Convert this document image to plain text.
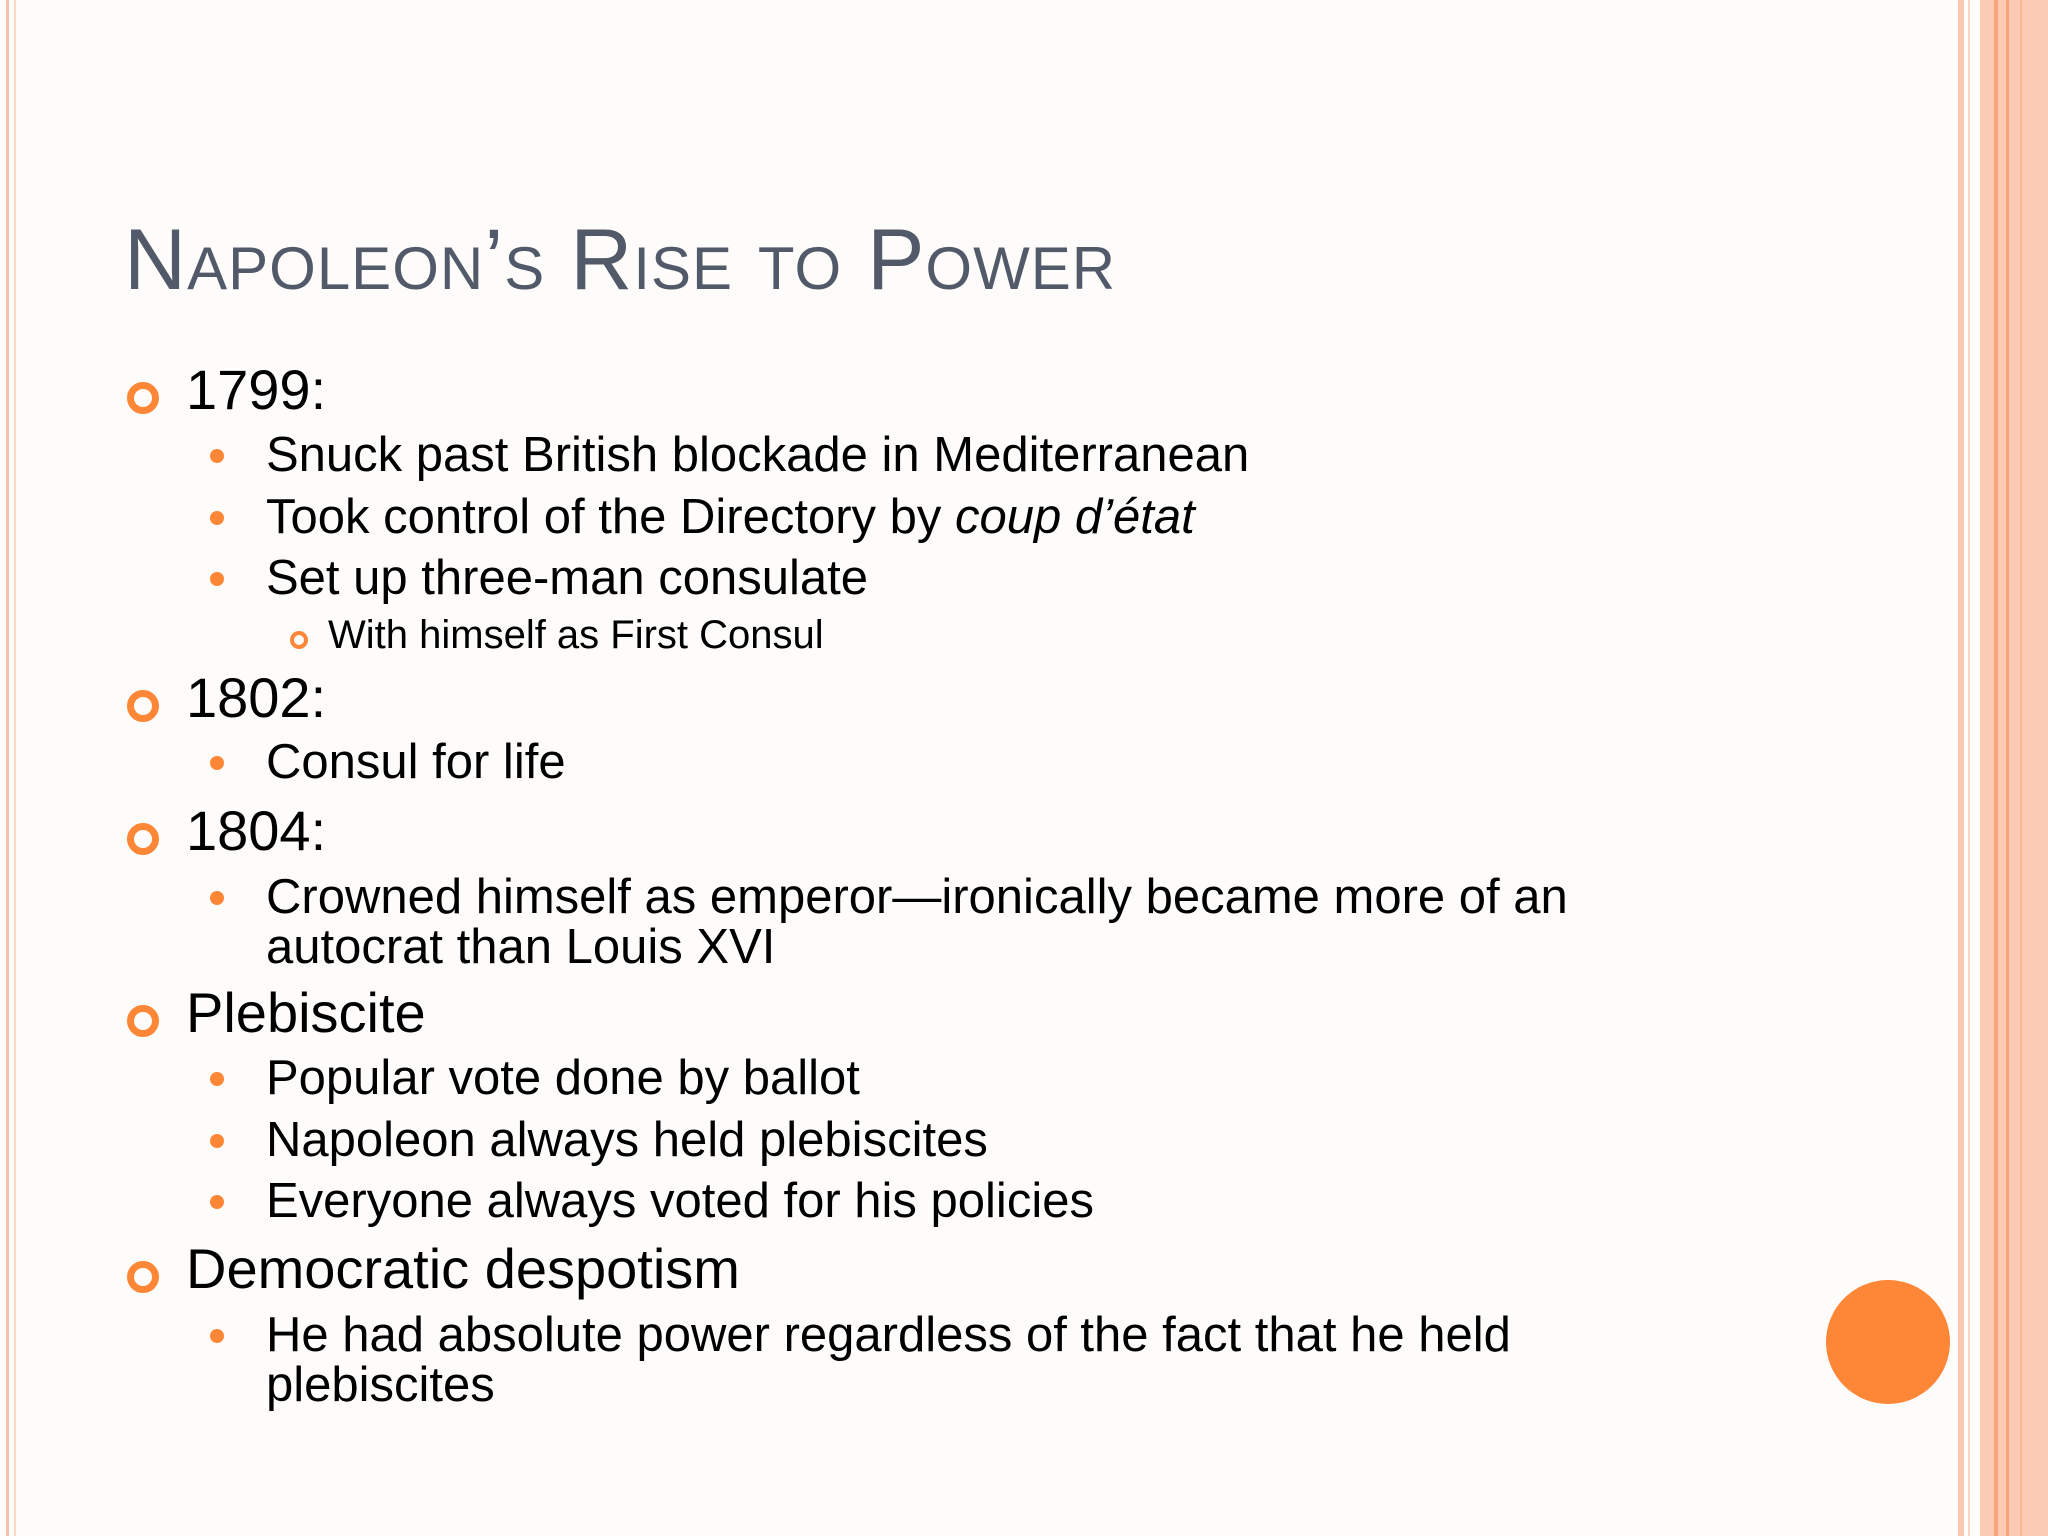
Napoleon’s Rise to Power
1799:
Snuck past British blockade in Mediterranean
Took control of the Directory by coup d’état
Set up three-man consulate
With himself as First Consul
1802:
Consul for life
1804:
Crowned himself as emperor—ironically became more of an
autocrat than Louis XVI
Plebiscite
Popular vote done by ballot
Napoleon always held plebiscites
Everyone always voted for his policies
Democratic despotism
He had absolute power regardless of the fact that he held
plebiscites
